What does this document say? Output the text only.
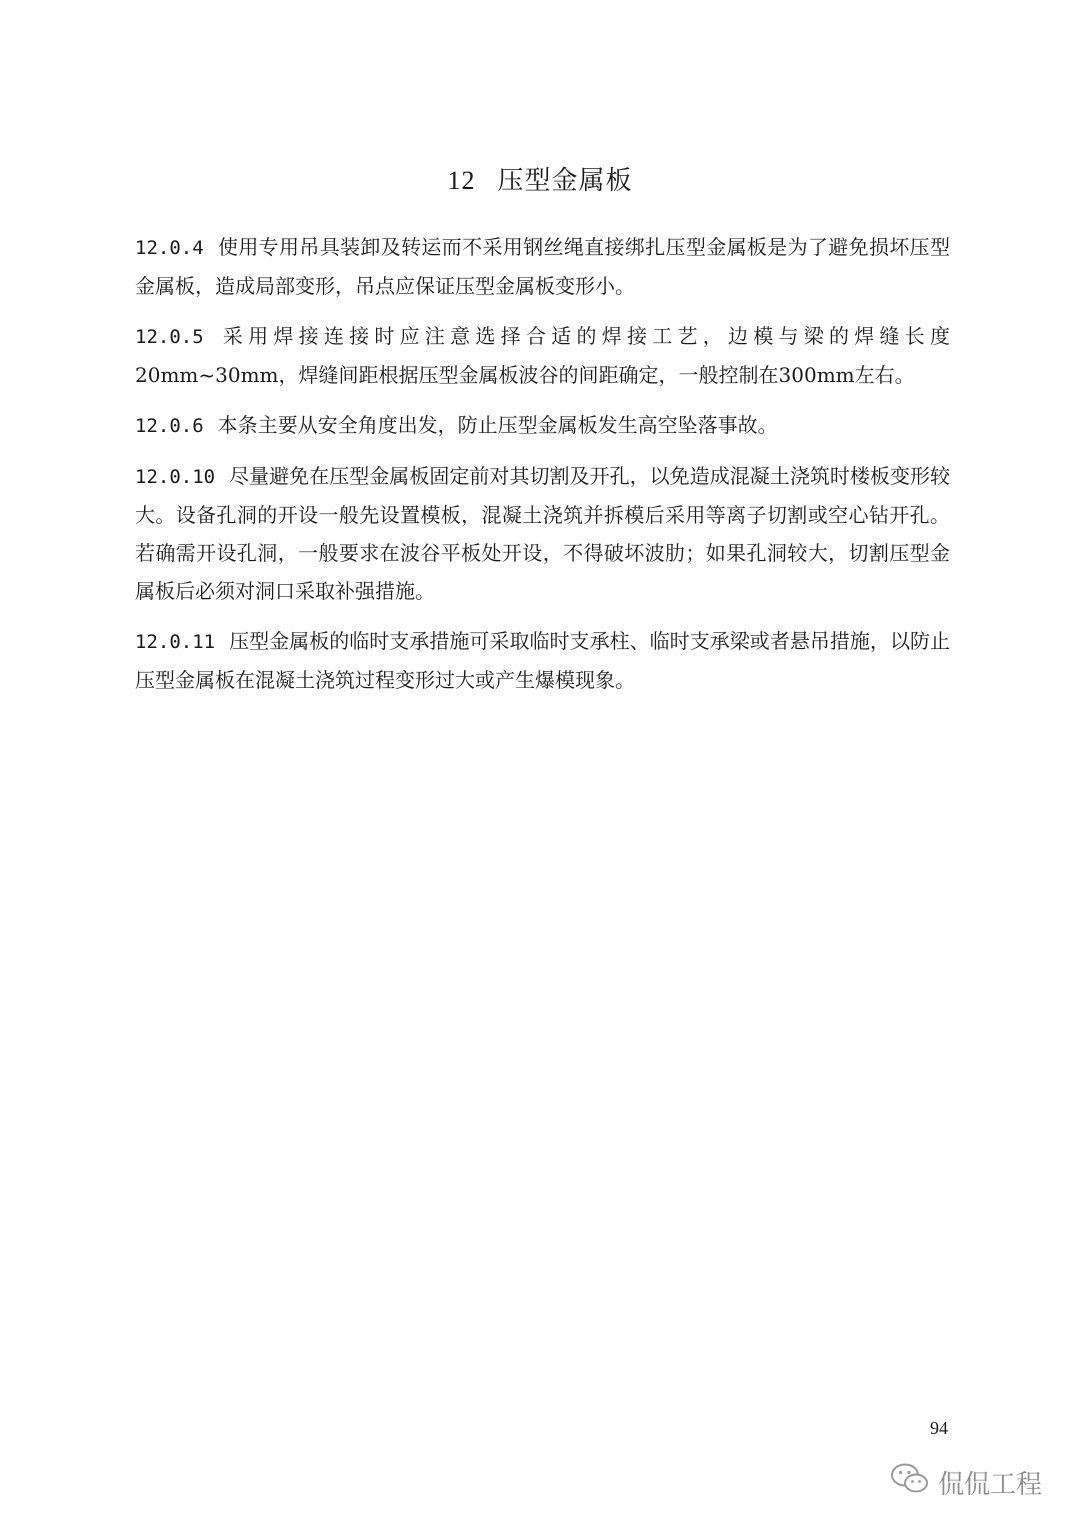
12 压型金属板

12.0.4 使用专用吊具装卸及转运而不采用钢丝绳直接绑扎压型金属板是为了避免损坏压型金属板，造成局部变形，吊点应保证压型金属板变形小。

12.0.5 采用焊接连接时应注意选择合适的焊接工艺，边模与梁的焊缝长度20mm~30mm，焊缝间距根据压型金属板波谷的间距确定，一般控制在300mm左右。

12.0.6 本条主要从安全角度出发，防止压型金属板发生高空坠落事故。

12.0.10 尽量避免在压型金属板固定前对其切割及开孔，以免造成混凝土浇筑时楼板变形较大。设备孔洞的开设一般先设置模板，混凝土浇筑并拆模后采用等离子切割或空心钻开孔。若确需开设孔洞，一般要求在波谷平板处开设，不得破坏波肋；如果孔洞较大，切割压型金属板后必须对洞口采取补强措施。

12.0.11 压型金属板的临时支承措施可采取临时支承柱、临时支承梁或者悬吊措施，以防止压型金属板在混凝土浇筑过程变形过大或产生爆模现象。

94
侃侃工程
